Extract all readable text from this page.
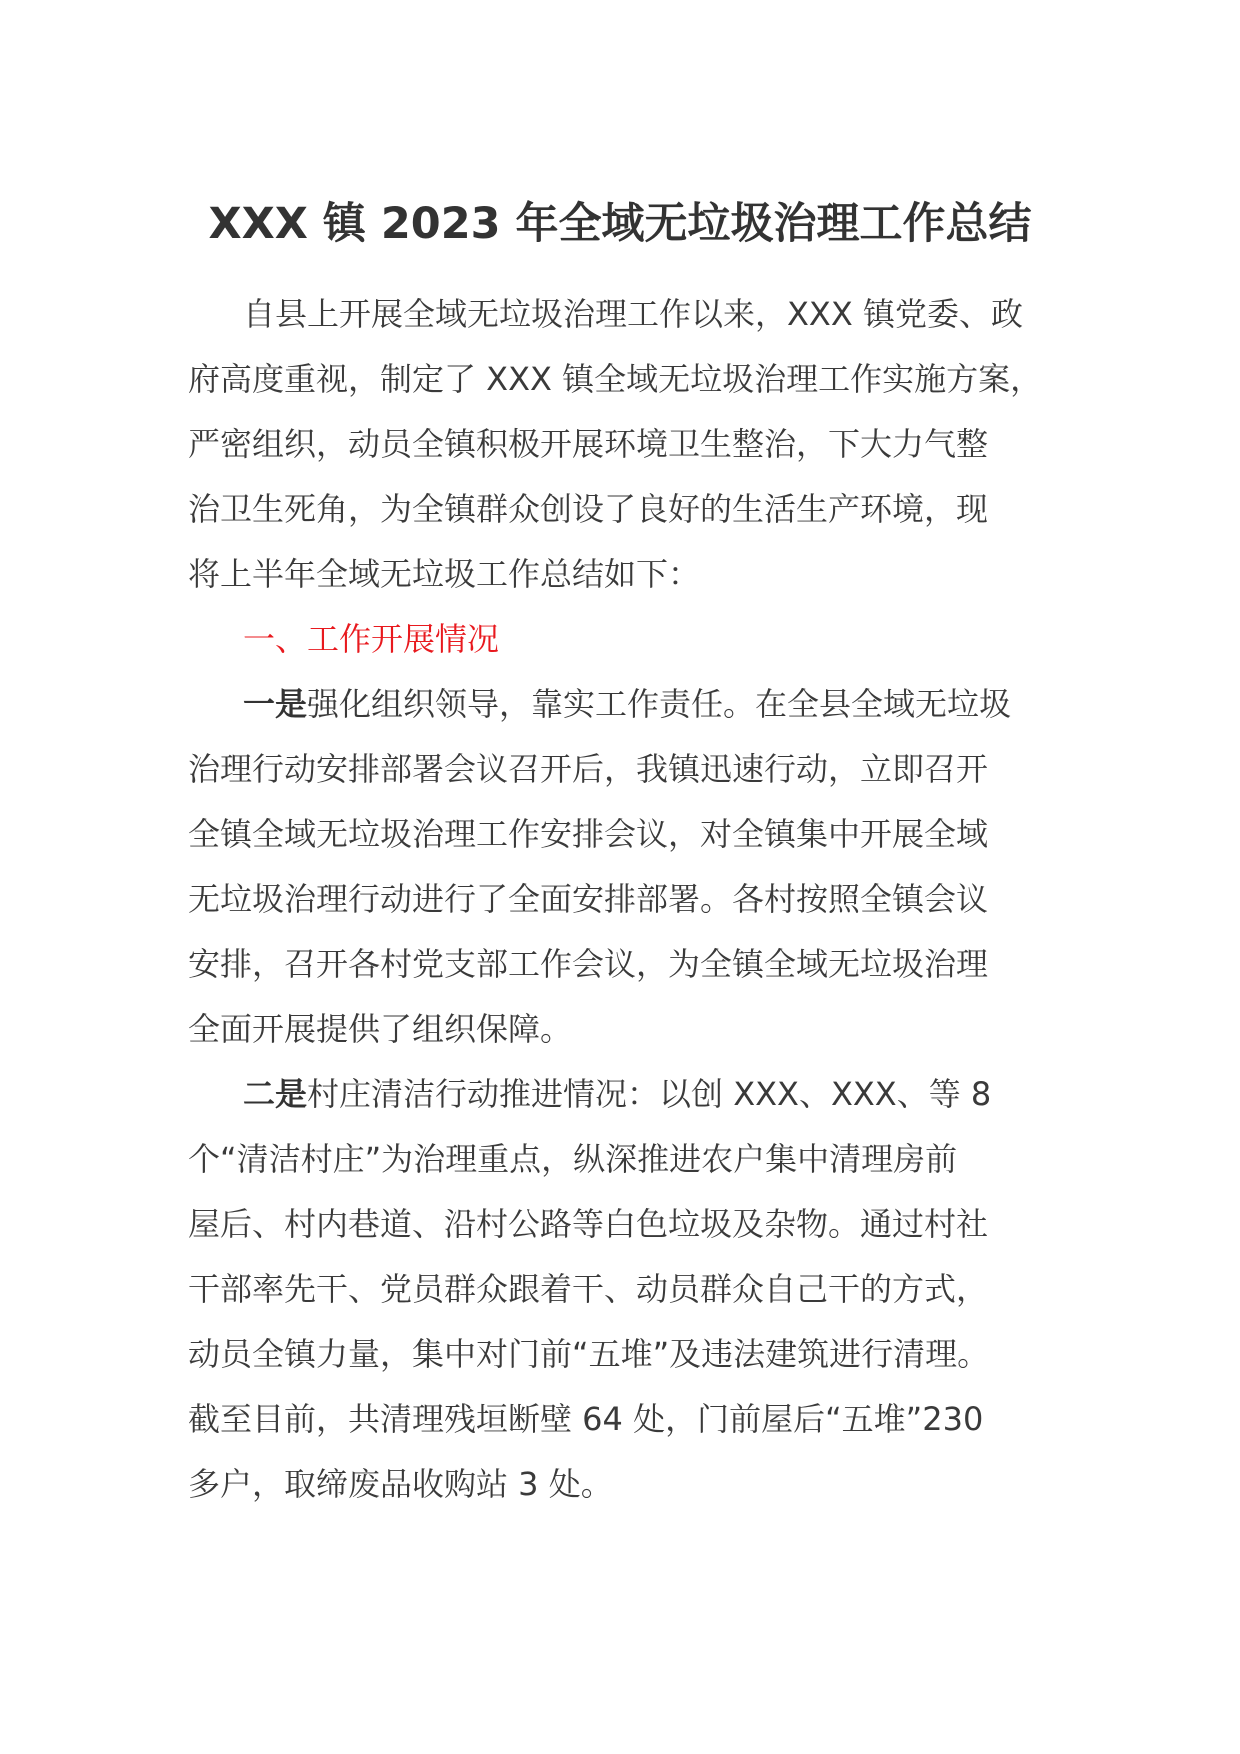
XXX 镇 2023 年全域无垃圾治理工作总结
自县上开展全域无垃圾治理工作以来，XXX 镇党委、政
府高度重视，制定了 XXX 镇全域无垃圾治理工作实施方案，
严密组织，动员全镇积极开展环境卫生整治，下大力气整
治卫生死角，为全镇群众创设了良好的生活生产环境，现
将上半年全域无垃圾工作总结如下：
一、工作开展情况
一是强化组织领导，靠实工作责任。在全县全域无垃圾
治理行动安排部署会议召开后，我镇迅速行动，立即召开
全镇全域无垃圾治理工作安排会议，对全镇集中开展全域
无垃圾治理行动进行了全面安排部署。各村按照全镇会议
安排，召开各村党支部工作会议，为全镇全域无垃圾治理
全面开展提供了组织保障。
二是村庄清洁行动推进情况：以创 XXX、XXX、等 8
个“清洁村庄”为治理重点，纵深推进农户集中清理房前
屋后、村内巷道、沿村公路等白色垃圾及杂物。通过村社
干部率先干、党员群众跟着干、动员群众自己干的方式，
动员全镇力量，集中对门前“五堆”及违法建筑进行清理。
截至目前，共清理残垣断壁 64 处，门前屋后“五堆”230
多户，取缔废品收购站 3 处。
